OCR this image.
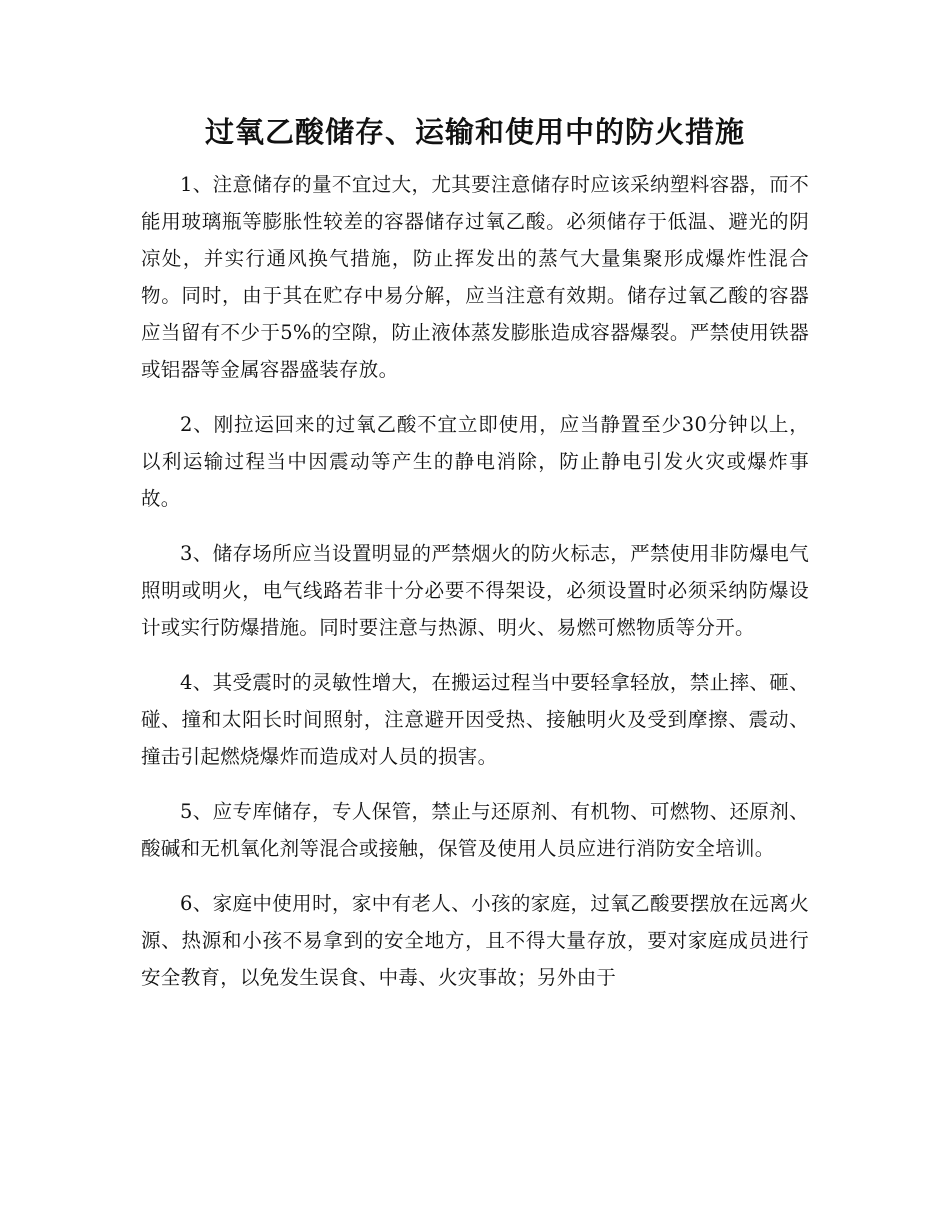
过氧乙酸储存、运输和使用中的防火措施

1、注意储存的量不宜过大，尤其要注意储存时应该采纳塑料容器，而不能用玻璃瓶等膨胀性较差的容器储存过氧乙酸。必须储存于低温、避光的阴凉处，并实行通风换气措施，防止挥发出的蒸气大量集聚形成爆炸性混合物。同时，由于其在贮存中易分解，应当注意有效期。储存过氧乙酸的容器应当留有不少于5%的空隙，防止液体蒸发膨胀造成容器爆裂。严禁使用铁器或铝器等金属容器盛装存放。

2、刚拉运回来的过氧乙酸不宜立即使用，应当静置至少30分钟以上，以利运输过程当中因震动等产生的静电消除，防止静电引发火灾或爆炸事故。

3、储存场所应当设置明显的严禁烟火的防火标志，严禁使用非防爆电气照明或明火，电气线路若非十分必要不得架设，必须设置时必须采纳防爆设计或实行防爆措施。同时要注意与热源、明火、易燃可燃物质等分开。

4、其受震时的灵敏性增大，在搬运过程当中要轻拿轻放，禁止摔、砸、碰、撞和太阳长时间照射，注意避开因受热、接触明火及受到摩擦、震动、撞击引起燃烧爆炸而造成对人员的损害。

5、应专库储存，专人保管，禁止与还原剂、有机物、可燃物、还原剂、酸碱和无机氧化剂等混合或接触，保管及使用人员应进行消防安全培训。

6、家庭中使用时，家中有老人、小孩的家庭，过氧乙酸要摆放在远离火源、热源和小孩不易拿到的安全地方，且不得大量存放，要对家庭成员进行安全教育，以免发生误食、中毒、火灾事故；另外由于
